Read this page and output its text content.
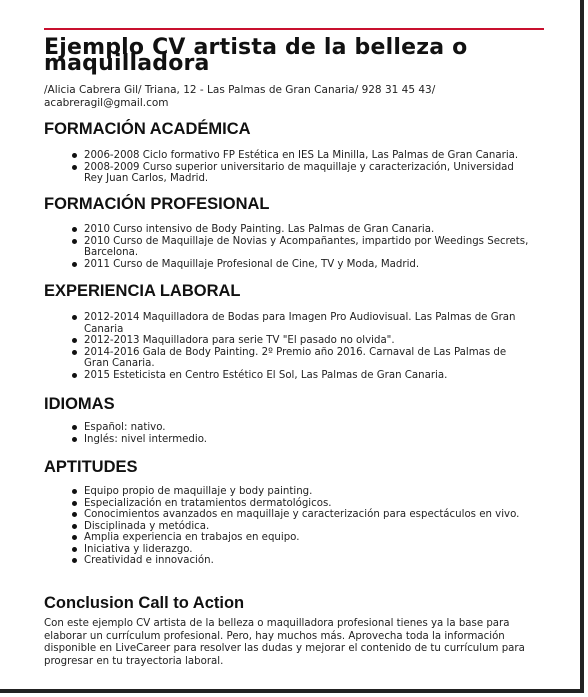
Ejemplo CV artista de la belleza o maquilladora
/Alicia Cabrera Gil/ Triana, 12 - Las Palmas de Gran Canaria/ 928 31 45 43/ acabreragil@gmail.com
FORMACIÓN ACADÉMICA
2006-2008 Ciclo formativo FP Estética en IES La Minilla, Las Palmas de Gran Canaria.
2008-2009 Curso superior universitario de maquillaje y caracterización, Universidad Rey Juan Carlos, Madrid.
FORMACIÓN PROFESIONAL
2010 Curso intensivo de Body Painting. Las Palmas de Gran Canaria.
2010 Curso de Maquillaje de Novias y Acompañantes, impartido por Weedings Secrets, Barcelona.
2011 Curso de Maquillaje Profesional de Cine, TV y Moda, Madrid.
EXPERIENCIA LABORAL
2012-2014 Maquilladora de Bodas para Imagen Pro Audiovisual. Las Palmas de Gran Canaria
2012-2013 Maquilladora para serie TV "El pasado no olvida".
2014-2016 Gala de Body Painting. 2º Premio año 2016. Carnaval de Las Palmas de Gran Canaria.
2015 Esteticista en Centro Estético El Sol, Las Palmas de Gran Canaria.
IDIOMAS
Español: nativo.
Inglés: nivel intermedio.
APTITUDES
Equipo propio de maquillaje y body painting.
Especialización en tratamientos dermatológicos.
Conocimientos avanzados en maquillaje y caracterización para espectáculos en vivo.
Disciplinada y metódica.
Amplia experiencia en trabajos en equipo.
Iniciativa y liderazgo.
Creatividad e innovación.
Conclusion Call to Action
Con este ejemplo CV artista de la belleza o maquilladora profesional tienes ya la base para elaborar un currículum profesional. Pero, hay muchos más. Aprovecha toda la información disponible en LiveCareer para resolver las dudas y mejorar el contenido de tu currículum para progresar en tu trayectoria laboral.
